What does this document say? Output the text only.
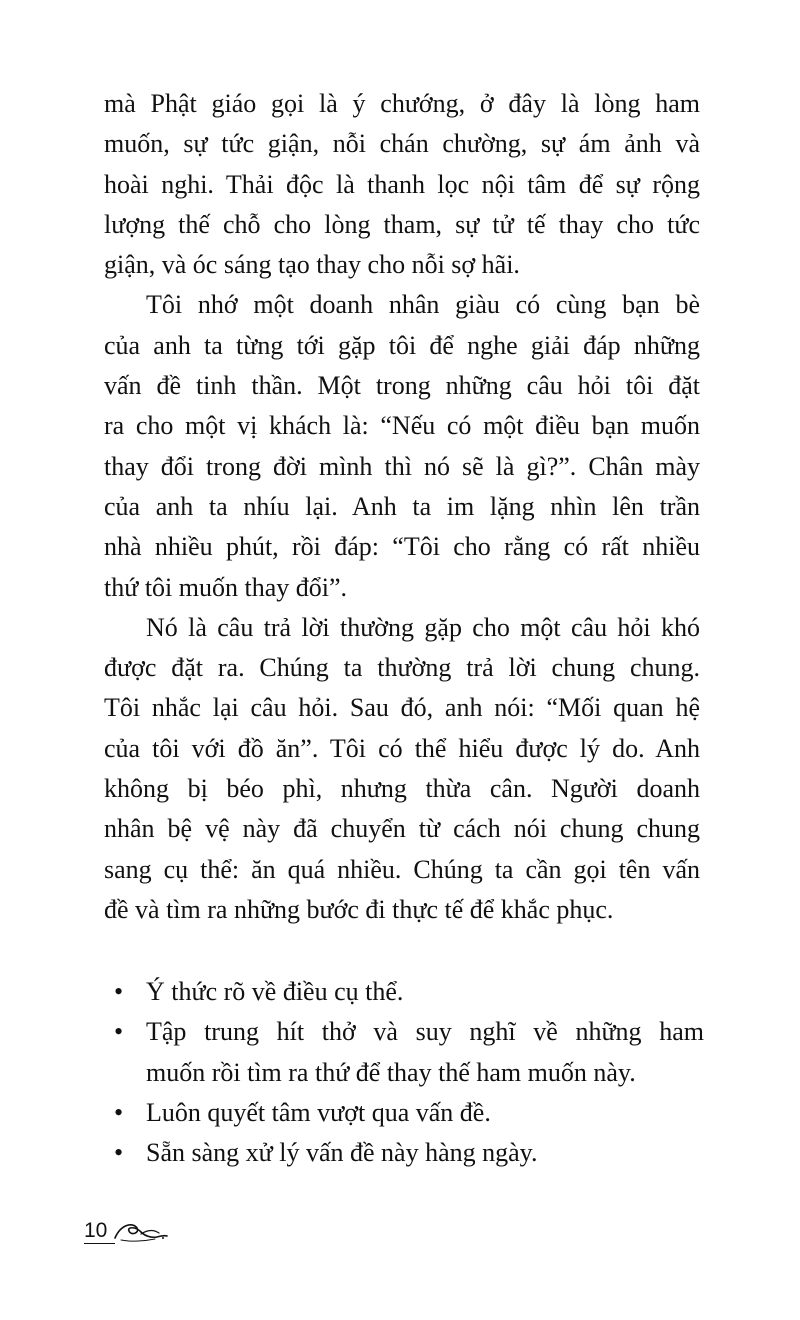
mà Phật giáo gọi là ý chướng, ở đây là lòng ham
muốn, sự tức giận, nỗi chán chường, sự ám ảnh và
hoài nghi. Thải độc là thanh lọc nội tâm để sự rộng
lượng thế chỗ cho lòng tham, sự tử tế thay cho tức
giận, và óc sáng tạo thay cho nỗi sợ hãi.

Tôi nhớ một doanh nhân giàu có cùng bạn bè
của anh ta từng tới gặp tôi để nghe giải đáp những
vấn đề tinh thần. Một trong những câu hỏi tôi đặt
ra cho một vị khách là: “Nếu có một điều bạn muốn
thay đổi trong đời mình thì nó sẽ là gì?”. Chân mày
của anh ta nhíu lại. Anh ta im lặng nhìn lên trần
nhà nhiều phút, rồi đáp: “Tôi cho rằng có rất nhiều
thứ tôi muốn thay đổi”.

Nó là câu trả lời thường gặp cho một câu hỏi khó
được đặt ra. Chúng ta thường trả lời chung chung.
Tôi nhắc lại câu hỏi. Sau đó, anh nói: “Mối quan hệ
của tôi với đồ ăn”. Tôi có thể hiểu được lý do. Anh
không bị béo phì, nhưng thừa cân. Người doanh
nhân bệ vệ này đã chuyển từ cách nói chung chung
sang cụ thể: ăn quá nhiều. Chúng ta cần gọi tên vấn
đề và tìm ra những bước đi thực tế để khắc phục.

• Ý thức rõ về điều cụ thể.
• Tập trung hít thở và suy nghĩ về những ham
muốn rồi tìm ra thứ để thay thế ham muốn này.
• Luôn quyết tâm vượt qua vấn đề.
• Sẵn sàng xử lý vấn đề này hàng ngày.
10
